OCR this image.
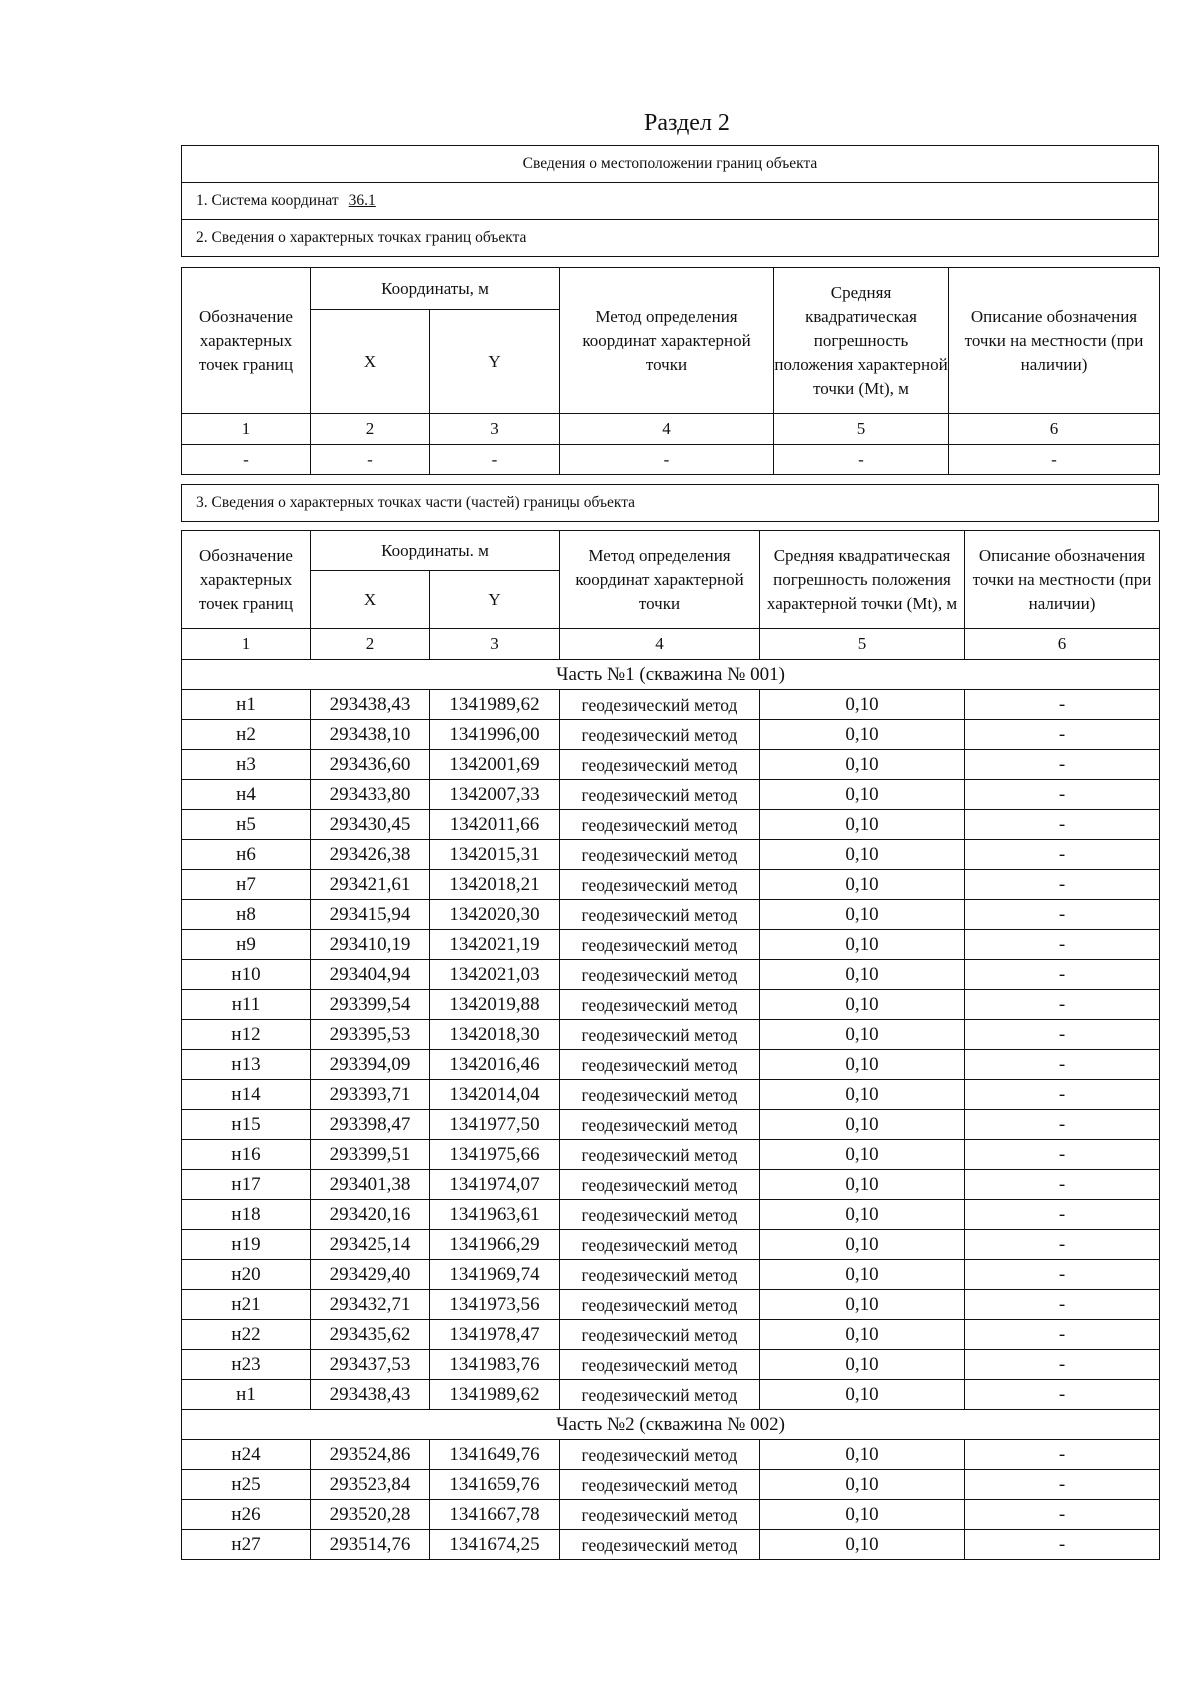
Раздел 2
Сведения о местоположении границ объекта
1. Система координат 36.1
2. Сведения о характерных точках границ объекта
Обозначение характерных точек границ	Координаты, м		Метод определения координат характерной точки	Средняя квадратическая погрешность положения характерной точки (Mt), м	Описание обозначения точки на местности (при наличии)
	X	Y			
1	2	3	4	5	6
-	-	-	-	-	-
3. Сведения о характерных точках части (частей) границы объекта
Обозначение характерных точек границ	Координаты. м		Метод определения координат характерной точки	Средняя квадратическая погрешность положения характерной точки (Mt), м	Описание обозначения точки на местности (при наличии)
	X	Y			
1	2	3	4	5	6
Часть №1 (скважина № 001)					
н1	293438,43	1341989,62	геодезический метод	0,10	-
н2	293438,10	1341996,00	геодезический метод	0,10	-
н3	293436,60	1342001,69	геодезический метод	0,10	-
н4	293433,80	1342007,33	геодезический метод	0,10	-
н5	293430,45	1342011,66	геодезический метод	0,10	-
н6	293426,38	1342015,31	геодезический метод	0,10	-
н7	293421,61	1342018,21	геодезический метод	0,10	-
н8	293415,94	1342020,30	геодезический метод	0,10	-
н9	293410,19	1342021,19	геодезический метод	0,10	-
н10	293404,94	1342021,03	геодезический метод	0,10	-
н11	293399,54	1342019,88	геодезический метод	0,10	-
н12	293395,53	1342018,30	геодезический метод	0,10	-
н13	293394,09	1342016,46	геодезический метод	0,10	-
н14	293393,71	1342014,04	геодезический метод	0,10	-
н15	293398,47	1341977,50	геодезический метод	0,10	-
н16	293399,51	1341975,66	геодезический метод	0,10	-
н17	293401,38	1341974,07	геодезический метод	0,10	-
н18	293420,16	1341963,61	геодезический метод	0,10	-
н19	293425,14	1341966,29	геодезический метод	0,10	-
н20	293429,40	1341969,74	геодезический метод	0,10	-
н21	293432,71	1341973,56	геодезический метод	0,10	-
н22	293435,62	1341978,47	геодезический метод	0,10	-
н23	293437,53	1341983,76	геодезический метод	0,10	-
н1	293438,43	1341989,62	геодезический метод	0,10	-
Часть №2 (скважина № 002)					
н24	293524,86	1341649,76	геодезический метод	0,10	-
н25	293523,84	1341659,76	геодезический метод	0,10	-
н26	293520,28	1341667,78	геодезический метод	0,10	-
н27	293514,76	1341674,25	геодезический метод	0,10	-
